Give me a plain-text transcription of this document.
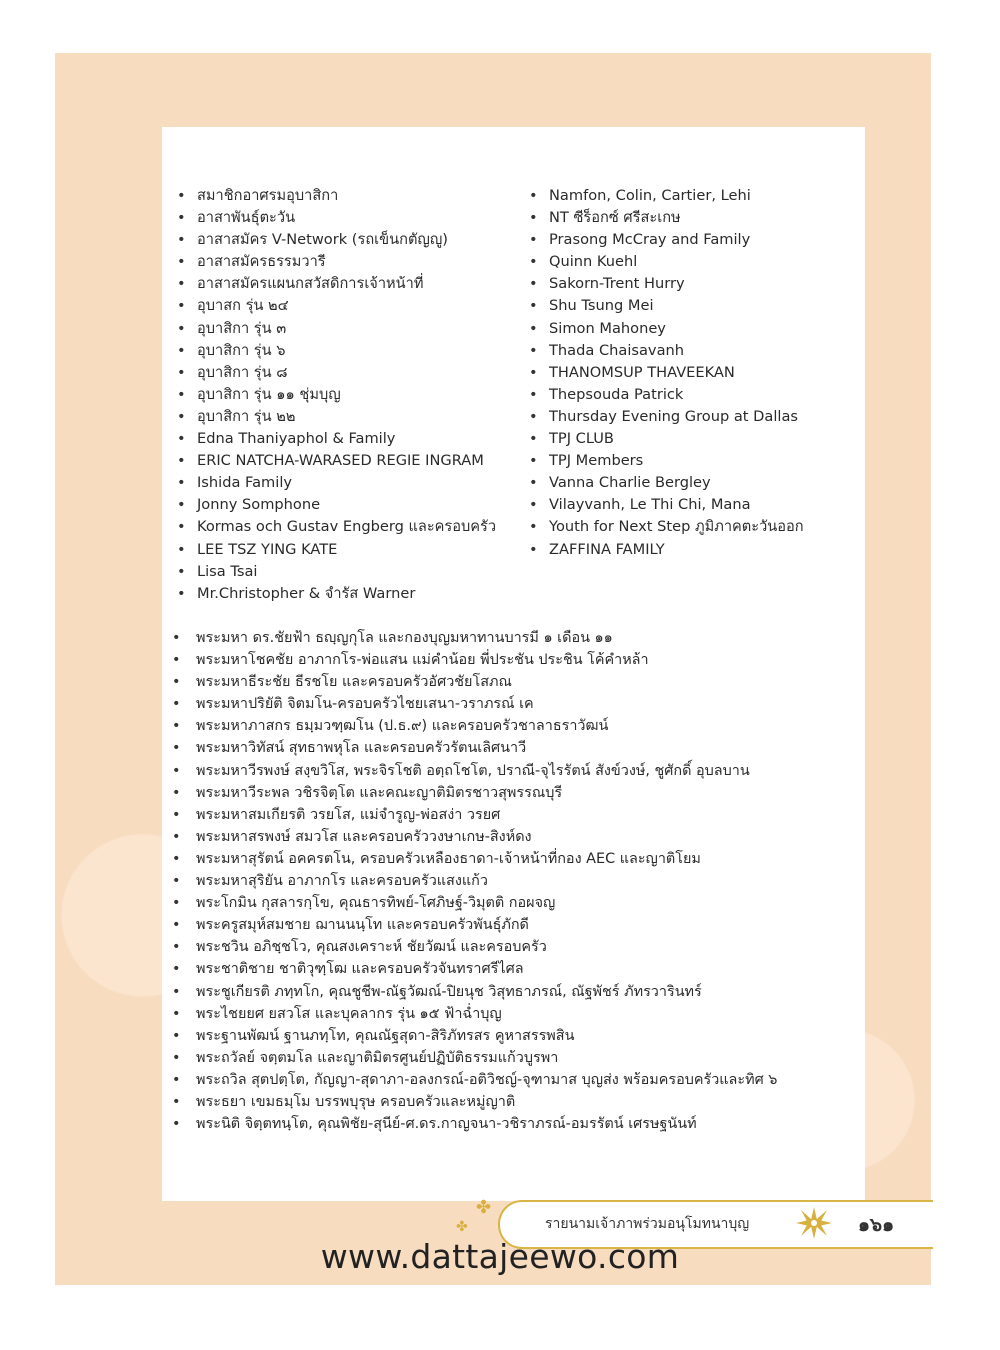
• สมาชิกอาศรมอุบาสิกา
• อาสาพันธุ์ตะวัน
• อาสาสมัคร V-Network (รถเข็นกตัญญู)
• อาสาสมัครธรรมวารี
• อาสาสมัครแผนกสวัสดิการเจ้าหน้าที่
• อุบาสก รุ่น ๒๔
• อุบาสิกา รุ่น ๓
• อุบาสิกา รุ่น ๖
• อุบาสิกา รุ่น ๘
• อุบาสิกา รุ่น ๑๑ ชุ่มบุญ
• อุบาสิกา รุ่น ๒๒
• Edna Thaniyaphol & Family
• ERIC NATCHA-WARASED REGIE INGRAM
• Ishida Family
• Jonny Somphone
• Kormas och Gustav Engberg และครอบครัว
• LEE TSZ YING KATE
• Lisa Tsai
• Mr.Christopher & จำรัส Warner
• Namfon, Colin, Cartier, Lehi
• NT ซีร็อกซ์ ศรีสะเกษ
• Prasong McCray and Family
• Quinn Kuehl
• Sakorn-Trent Hurry
• Shu Tsung Mei
• Simon Mahoney
• Thada Chaisavanh
• THANOMSUP THAVEEKAN
• Thepsouda Patrick
• Thursday Evening Group at Dallas
• TPJ CLUB
• TPJ Members
• Vanna Charlie Bergley
• Vilayvanh, Le Thi Chi, Mana
• Youth for Next Step ภูมิภาคตะวันออก
• ZAFFINA FAMILY
• พระมหา ดร.ชัยฟ้า ธญฺญกุโล และกองบุญมหาทานบารมี ๑ เดือน ๑๑
• พระมหาโชคชัย อาภากโร-พ่อแสน แม่คำน้อย พี่ประชัน ประชิน โค้คำหล้า
• พระมหาธีระชัย ธีรชโย และครอบครัวอัศวชัยโสภณ
• พระมหาปริยัติ จิตมโน-ครอบครัวไชยเสนา-วราภรณ์ เค
• พระมหาภาสกร ธมฺมวฑฺฒโน (ป.ธ.๙) และครอบครัวชาลาธราวัฒน์
• พระมหาวิทัสน์ สุทธาพหุโล และครอบครัวรัตนเลิศนาวี
• พระมหาวีรพงษ์ สงฺขวิโส, พระจิรโชติ อตฺถโชโต, ปราณี-จุไรรัตน์ สังข์วงษ์, ชูศักดิ์ อุบลบาน
• พระมหาวีระพล วชิรจิตฺโต และคณะญาติมิตรชาวสุพรรณบุรี
• พระมหาสมเกียรติ วรยโส, แม่จำรูญ-พ่อสง่า วรยศ
• พระมหาสรพงษ์ สมวโส และครอบครัววงษาเกษ-สิงห์ดง
• พระมหาสุรัตน์ อคครตโน, ครอบครัวเหลืองธาดา-เจ้าหน้าที่กอง AEC และญาติโยม
• พระมหาสุริยัน อาภากโร และครอบครัวแสงแก้ว
• พระโกมิน กุสลารกฺโข, คุณธารทิพย์-โศภิษฐ์-วิมุตติ กอผจญ
• พระครูสมุห์สมชาย ฌานนนฺโท และครอบครัวพันธุ์ภักดี
• พระชวิน อภิชฺชโว, คุณสงเคราะห์ ชัยวัฒน์ และครอบครัว
• พระชาติชาย ชาติวุฑฺโฒ และครอบครัวจันทราศรีไศล
• พระชูเกียรติ ภทฺทโก, คุณชูชีพ-ณัฐวัฒณ์-ปิยนุช วิสุทธาภรณ์, ณัฐพัชร์ ภัทรวารินทร์
• พระไชยยศ ยสวโส และบุคลากร รุ่น ๑๕ ฟ้าฉ่ำบุญ
• พระฐานพัฒน์ ฐานภทฺโท, คุณณัฐสุดา-สิริภัทรสร คูหาสรรพสิน
• พระถวัลย์ จตฺตมโล และญาติมิตรศูนย์ปฏิบัติธรรมแก้วบูรพา
• พระถวิล สุตปตฺโต, กัญญา-สุดาภา-อลงกรณ์-อติวิชญ์-จุฑามาส บุญส่ง พร้อมครอบครัวและทิศ ๖
• พระธยา เขมธมฺโม บรรพบุรุษ ครอบครัวและหมู่ญาติ
• พระนิติ จิตฺตทนฺโต, คุณพิชัย-สุนีย์-ศ.ดร.กาญจนา-วชิราภรณ์-อมรรัตน์ เศรษฐนันท์
✤
✤	รายนามเจ้าภาพร่วมอนุโมทนาบุญ	๑๖๑
www.dattajeewo.com
